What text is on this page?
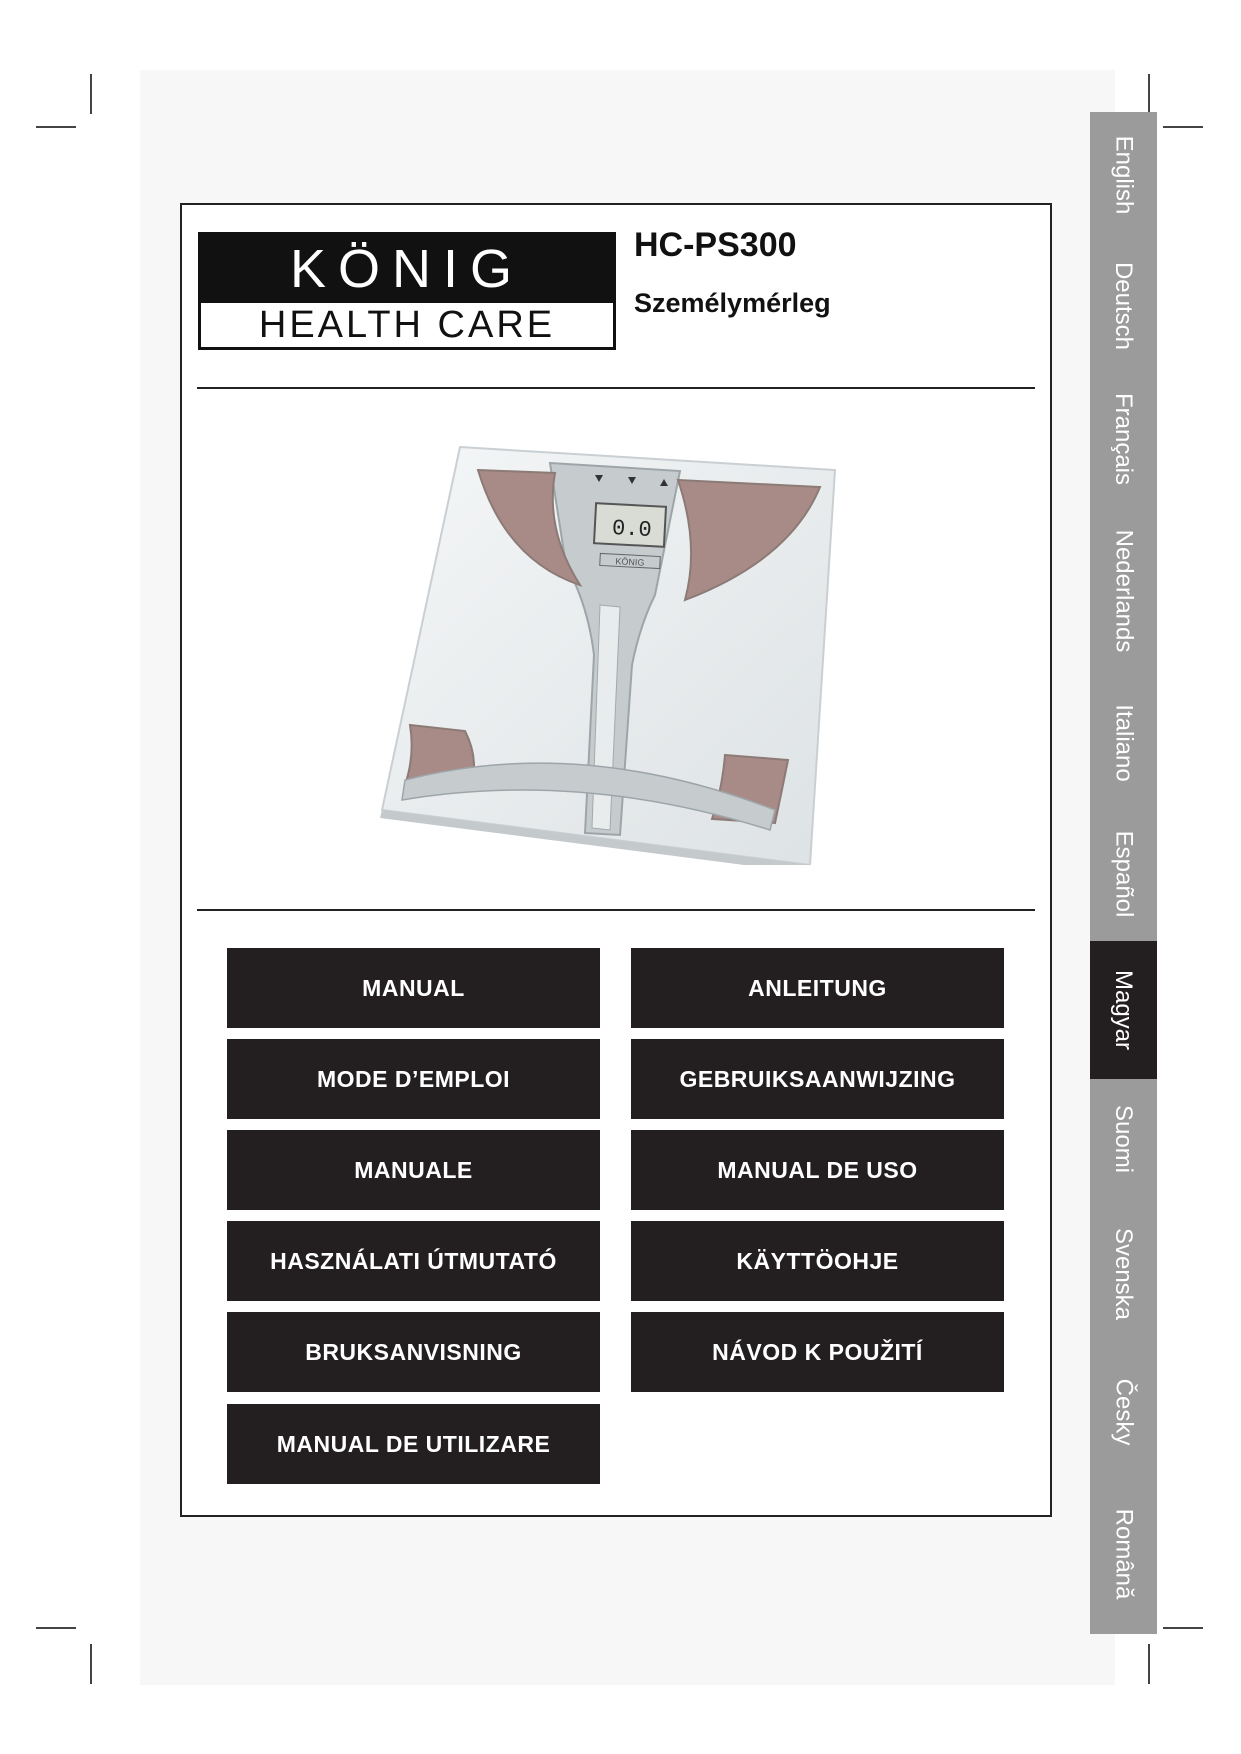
KÖNIG
HEALTH CARE
HC-PS300
Személymérleg
0.0
KÖNIG
MANUAL	ANLEITUNG
MODE D’EMPLOI	GEBRUIKSAANWIJZING
MANUALE	MANUAL DE USO
HASZNÁLATI ÚTMUTATÓ	KÄYTTÖOHJE
BRUKSANVISNING	NÁVOD K POUŽITÍ
MANUAL DE UTILIZARE
English
Deutsch
Français
Nederlands
Italiano
Español
Magyar
Suomi
Svenska
Česky
Română
